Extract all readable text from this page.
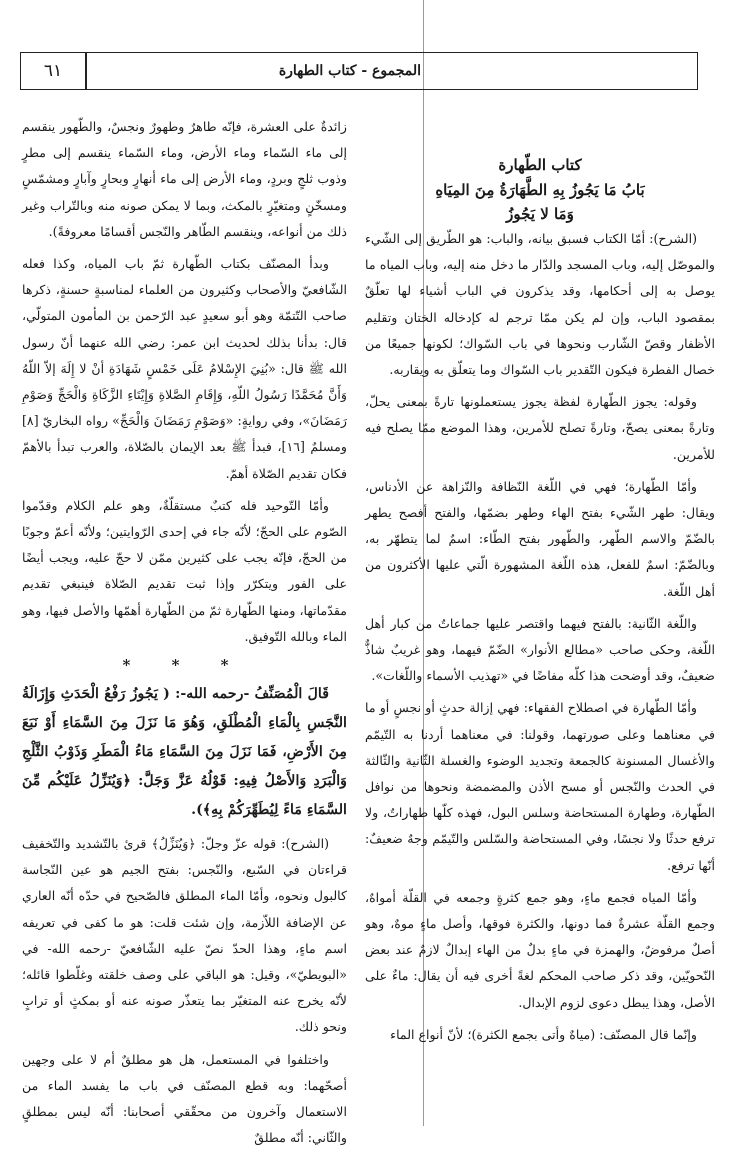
٦١	المجموع - كتاب الطهارة

كتاب الطّهارة

بَابُ مَا يَجُوزُ بِهِ الطَّهَارَةُ مِنَ المِيَاهِ

وَمَا لا يَجُوزُ

(الشرح): أمّا الكتاب فسبق بيانه، والباب: هو الطّريق إلى الشّيء والموصّل إليه، وباب المسجد والدّار ما دخل منه إليه، وباب المياه ما يوصل به إلى أحكامها، وقد يذكرون في الباب أشياء لها تعلّقٌ بمقصود الباب، وإن لم يكن ممّا ترجم له كإدخاله الختان وتقليم الأظفار وقصّ الشّارب ونحوها في باب السّواك؛ لكونها جميعًا من خصال الفطرة فيكون التّقدير باب السّواك وما يتعلّق به ويقاربه.

وقوله: يجوز الطّهارة لفظة يجوز يستعملونها تارةً بمعنى يحلّ، وتارةً بمعنى يصحّ، وتارةً تصلح للأمرين، وهذا الموضع ممّا يصلح فيه للأمرين.

وأمّا الطّهارة؛ فهي في اللّغة النّظافة والنّزاهة عن الأدناس، ويقال: طهر الشّيء بفتح الهاء وطهر بضمّها، والفتح أفصح يطهر بالضّمّ والاسم الطّهر، والطّهور بفتح الطّاء: اسمٌ لما يتطهّر به، وبالضّمّ: اسمٌ للفعل، هذه اللّغة المشهورة الّتي عليها الأكثرون من أهل اللّغة.

واللّغة الثّانية: بالفتح فيهما واقتصر عليها جماعاتٌ من كبار أهل اللّغة، وحكى صاحب «مطالع الأنوار» الضّمّ فيهما، وهو غريبٌ شاذٌّ ضعيفٌ، وقد أوضحت هذا كلّه مفاضًا في «تهذيب الأسماء واللّغات».

وأمّا الطّهارة في اصطلاح الفقهاء: فهي إزالة حدثٍ أو نجسٍ أو ما في معناهما وعلى صورتهما، وقولنا: في معناهما أردنا به التّيمّم والأغسال المسنونة كالجمعة وتجديد الوضوء والغسلة الثّانية والثّالثة في الحدث والنّجس أو مسح الأذن والمضمضة ونحوها من نوافل الطّهارة، وطهارة المستحاضة وسلس البول، فهذه كلّها طهاراتٌ، ولا ترفع حدثًا ولا نجسًا، وفي المستحاضة والسّلس والتّيمّم وجهٌ ضعيفٌ: أنّها ترفع.

وأمّا المياه فجمع ماءٍ، وهو جمع كثرةٍ وجمعه في القلّة أمواهٌ، وجمع القلّة عشرةٌ فما دونها، والكثرة فوقها، وأصل ماءٍ موهٌ، وهو أصلٌ مرفوضٌ، والهمزة في ماءٍ بدلٌ من الهاء إبدالٌ لازمٌ عند بعض النّحويّين، وقد ذكر صاحب المحكم لغةً أخرى فيه أن يقال: ماءٌ على الأصل، وهذا يبطل دعوى لزوم الإبدال.

وإنّما قال المصنّف: (مياهٌ وأتى بجمع الكثرة)؛ لأنّ أنواع الماء

زائدةٌ على العشرة، فإنّه طاهرٌ وطهورٌ ونجسٌ، والطّهور ينقسم إلى ماء السّماء وماء الأرض، وماء السّماء ينقسم إلى مطرٍ وذوب ثلجٍ وبردٍ، وماء الأرض إلى ماء أنهارٍ وبحارٍ وآبارٍ ومشمّسٍ ومسخّنٍ ومتغيّرٍ بالمكث، وبما لا يمكن صونه منه وبالتّراب وغير ذلك من أنواعه، وينقسم الطّاهر والنّجس أقسامًا معروفةً).

وبدأ المصنّف بكتاب الطّهارة ثمّ باب المياه، وكذا فعله الشّافعيّ والأصحاب وكثيرون من العلماء لمناسبةٍ حسنةٍ، ذكرها صاحب التّتمّة وهو أبو سعيدٍ عبد الرّحمن بن المأمون المتولّي، قال: بدأنا بذلك لحديث ابن عمر: رضي الله عنهما أنّ رسول الله ﷺ قال: «بُنِيَ الإِسْلامُ عَلَى خَمْسٍ شَهَادَةِ أنْ لا إِلَهَ إلاّ اللّهُ وَأَنَّ مُحَمَّدًا رَسُولُ اللّهِ، وَإِقَامِ الصَّلاةِ وَإِيْتَاءِ الزَّكَاةِ وَالْحَجِّ وَصَوْمِ رَمَضَانَ»، وفي روايةٍ: «وَصَوْمِ رَمَضَانَ وَالْحَجِّ» رواه البخاريّ [٨] ومسلمٌ [١٦]، فبدأ ﷺ بعد الإيمان بالصّلاة، والعرب تبدأ بالأهمّ فكان تقديم الصّلاة أهمّ.

وأمّا التّوحيد فله كتبٌ مستقلّةٌ، وهو علم الكلام وقدّموا الصّوم على الحجّ؛ لأنّه جاء في إحدى الرّوايتين؛ ولأنّه أعمّ وجوبًا من الحجّ، فإنّه يجب على كثيرين ممّن لا حجّ عليه، ويجب أيضًا على الفور ويتكرّر وإذا ثبت تقديم الصّلاة فينبغي تقديم مقدّماتها، ومنها الطّهارة ثمّ من الطّهارة أهمّها والأصل فيها، وهو الماء وبالله التّوفيق.

* * *

قَالَ الْمُصَنِّفُ -رحمه الله-: ( يَجُوزُ رَفْعُ الْحَدَثِ وَإِزَالَةُ النَّجَسِ بِالْمَاءِ الْمُطْلَقِ، وَهُوَ مَا نَزَلَ مِنَ السَّمَاءِ أَوْ نَبَعَ مِنَ الأَرْضِ، فَمَا نَزَلَ مِنَ السَّمَاءِ مَاءُ الْمَطَرِ وَذَوْبُ الثَّلْجِ وَالْبَرَدِ وَالأَصْلُ فِيهِ: قَوْلُهُ عَزَّ وَجَلَّ: ﴿وَيُنَزِّلُ عَلَيْكُم مِّنَ السَّمَاءِ مَاءً لِيُطَهِّرَكُمْ بِهِ﴾).

(الشرح): قوله عزّ وجلّ: ﴿وَيُنَزِّلُ﴾ قرئ بالتّشديد والتّخفيف قراءتان في السّبع، والنّجس: بفتح الجيم هو عين النّجاسة كالبول ونحوه، وأمّا الماء المطلق فالصّحيح في حدّه أنّه العاري عن الإضافة اللاّزمة، وإن شئت قلت: هو ما كفى في تعريفه اسم ماءٍ، وهذا الحدّ نصّ عليه الشّافعيّ -رحمه الله- في «البويطيّ»، وقيل: هو الباقي على وصف خلقته وغلّطوا قائله؛ لأنّه يخرج عنه المتغيّر بما يتعذّر صونه عنه أو بمكثٍ أو ترابٍ ونحو ذلك.

واختلفوا في المستعمل، هل هو مطلقٌ أم لا على وجهين أصحّهما: وبه قطع المصنّف في باب ما يفسد الماء من الاستعمال وآخرون من محقّقي أصحابنا: أنّه ليس بمطلقٍ والثّاني: أنّه مطلقٌ
